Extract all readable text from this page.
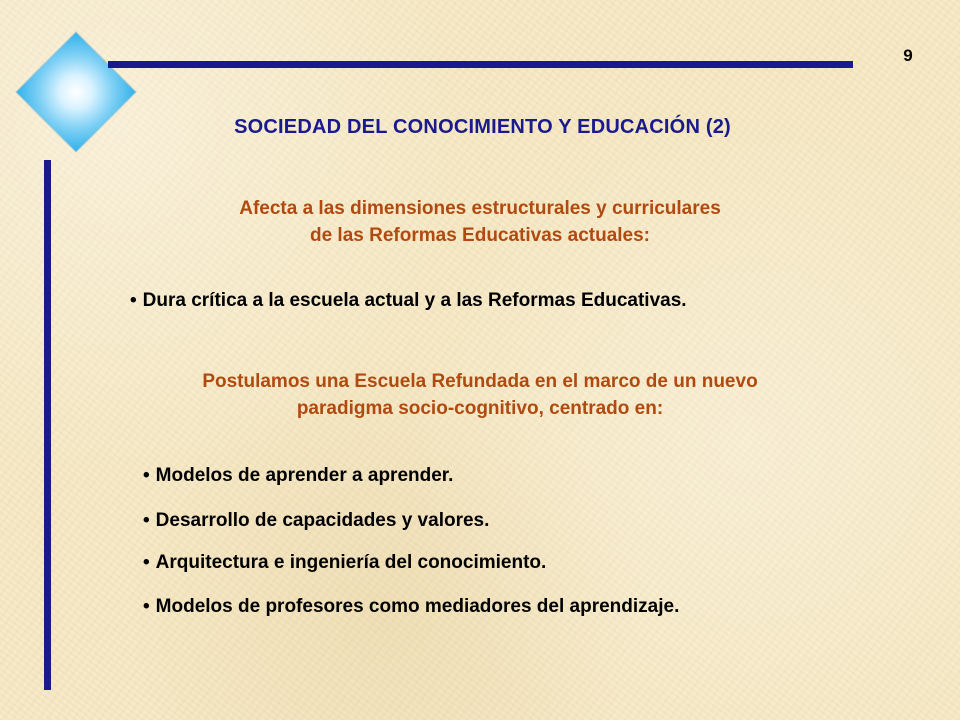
9
SOCIEDAD DEL CONOCIMIENTO Y EDUCACIÓN (2)
Afecta a las dimensiones estructurales y curriculares
de las Reformas Educativas actuales:
• Dura crítica a la escuela actual y a las Reformas Educativas.
Postulamos una Escuela Refundada en el marco de un nuevo
paradigma socio-cognitivo, centrado en:
• Modelos de aprender a aprender.
• Desarrollo de capacidades y valores.
• Arquitectura e ingeniería del conocimiento.
• Modelos de profesores como mediadores del aprendizaje.
